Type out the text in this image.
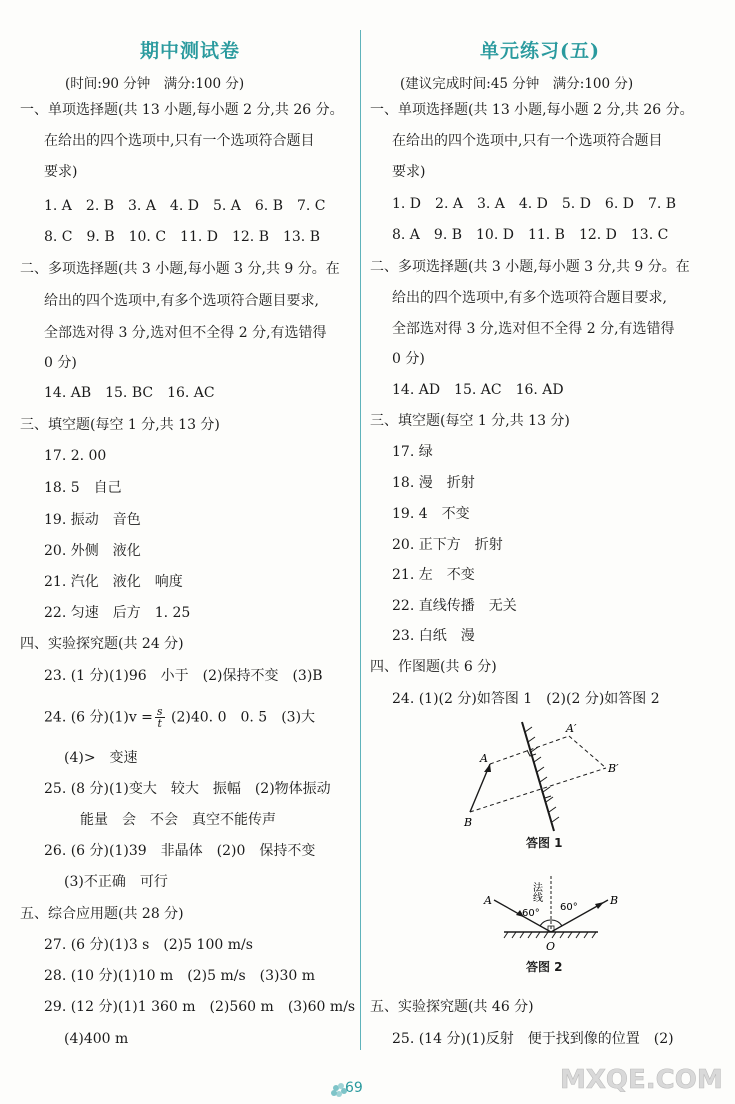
期中测试卷
(时间:90 分钟　满分:100 分)
一、单项选择题(共 13 小题,每小题 2 分,共 26 分。
在给出的四个选项中,只有一个选项符合题目
要求)
1. A　2. B　3. A　4. D　5. A　6. B　7. C
8. C　9. B　10. C　11. D　12. B　13. B
二、多项选择题(共 3 小题,每小题 3 分,共 9 分。在
给出的四个选项中,有多个选项符合题目要求,
全部选对得 3 分,选对但不全得 2 分,有选错得
0 分)
14. AB　15. BC　16. AC
三、填空题(每空 1 分,共 13 分)
17. 2. 00
18. 5　自己
19. 振动　音色
20. 外侧　液化
21. 汽化　液化　响度
22. 匀速　后方　1. 25
四、实验探究题(共 24 分)
23. (1 分)(1)96　小于　(2)保持不变　(3)B
24. (6 分)$(1)v = \frac{s}{t} (2)40$. 0　0. 5　(3)大
(4)>　变速
25. (8 分)(1)变大　较大　振幅　(2)物体振动
能量　会　不会　真空不能传声
26. (6 分)(1)39　非晶体　(2)0　保持不变
(3)不正确　可行
五、综合应用题(共 28 分)
27. (6 分)(1)3 s　(2)5 100 m/s
28. (10 分)(1)10 m　(2)5 m/s　(3)30 m
29. (12 分)(1)1 360 m　(2)560 m　(3)60 m/s
(4)400 m
单元练习(五)
(建议完成时间:45 分钟　满分:100 分)
一、单项选择题(共 13 小题,每小题 2 分,共 26 分。
在给出的四个选项中,只有一个选项符合题目
要求)
1. D　2. A　3. A　4. D　5. D　6. D　7. B
8. A　9. B　10. D　11. B　12. D　13. C
二、多项选择题(共 3 小题,每小题 3 分,共 9 分。在
给出的四个选项中,有多个选项符合题目要求,
全部选对得 3 分,选对但不全得 2 分,有选错得
0 分)
14. AD　15. AC　16. AD
三、填空题(每空 1 分,共 13 分)
17. 绿
18. 漫　折射
19. 4　不变
20. 正下方　折射
21. 左　不变
22. 直线传播　无关
23. 白纸　漫
四、作图题(共 6 分)
24. (1)(2 分)如答图 1　(2)(2 分)如答图 2
A
B
A′
B′
答图 1
法线
A	B
O
60°
60°
答图 2
五、实验探究题(共 46 分)
25. (14 分)(1)反射　便于找到像的位置　(2)
69	MXQE.COM
